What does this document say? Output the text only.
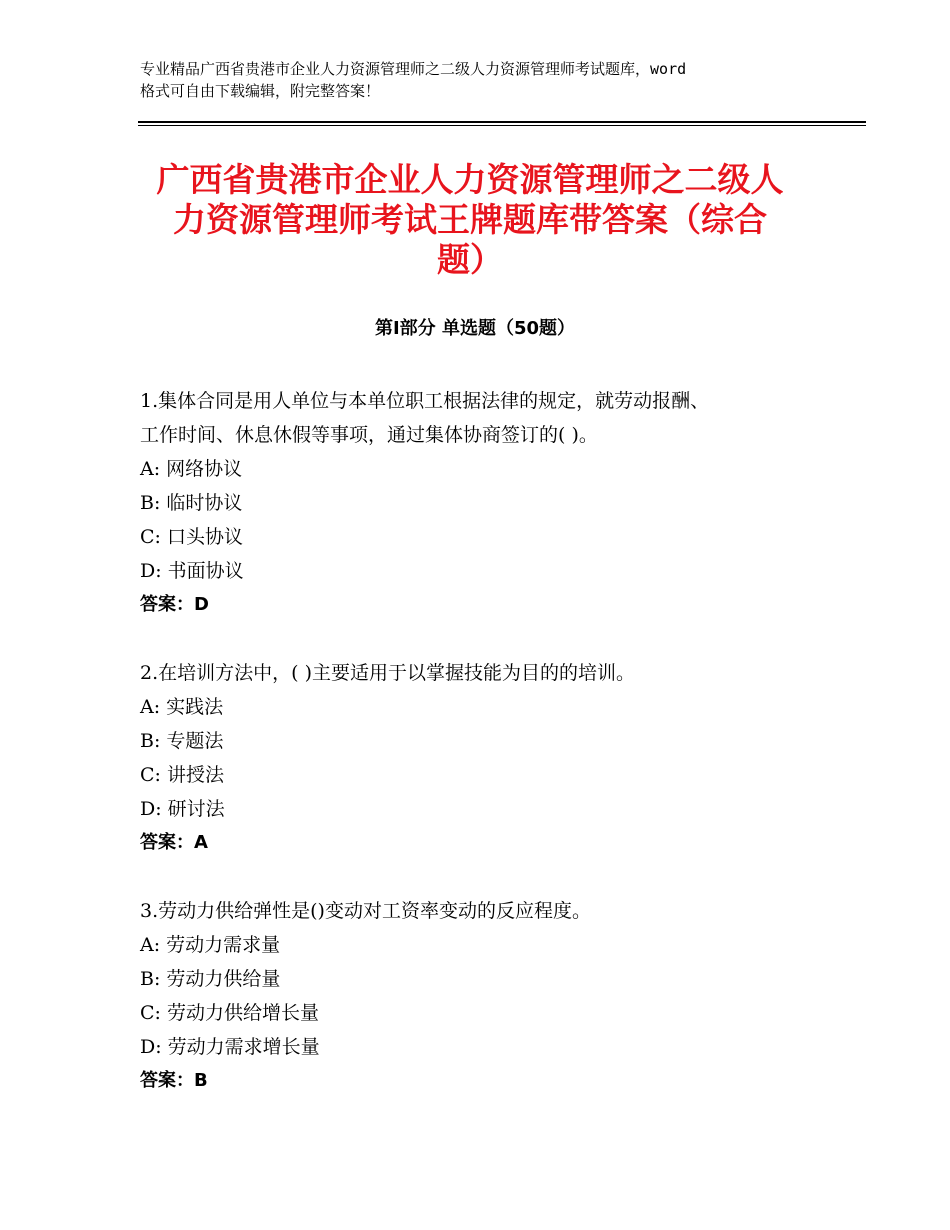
专业精品广西省贵港市企业人力资源管理师之二级人力资源管理师考试题库，word
格式可自由下载编辑，附完整答案！
广西省贵港市企业人力资源管理师之二级人
力资源管理师考试王牌题库带答案（综合
题）
第Ⅰ部分 单选题（50题）
1.集体合同是用人单位与本单位职工根据法律的规定，就劳动报酬、
工作时间、休息休假等事项，通过集体协商签订的( )。
A: 网络协议
B: 临时协议
C: 口头协议
D: 书面协议
答案：D
2.在培训方法中，( )主要适用于以掌握技能为目的的培训。
A: 实践法
B: 专题法
C: 讲授法
D: 研讨法
答案：A
3.劳动力供给弹性是()变动对工资率变动的反应程度。
A: 劳动力需求量
B: 劳动力供给量
C: 劳动力供给增长量
D: 劳动力需求增长量
答案：B
